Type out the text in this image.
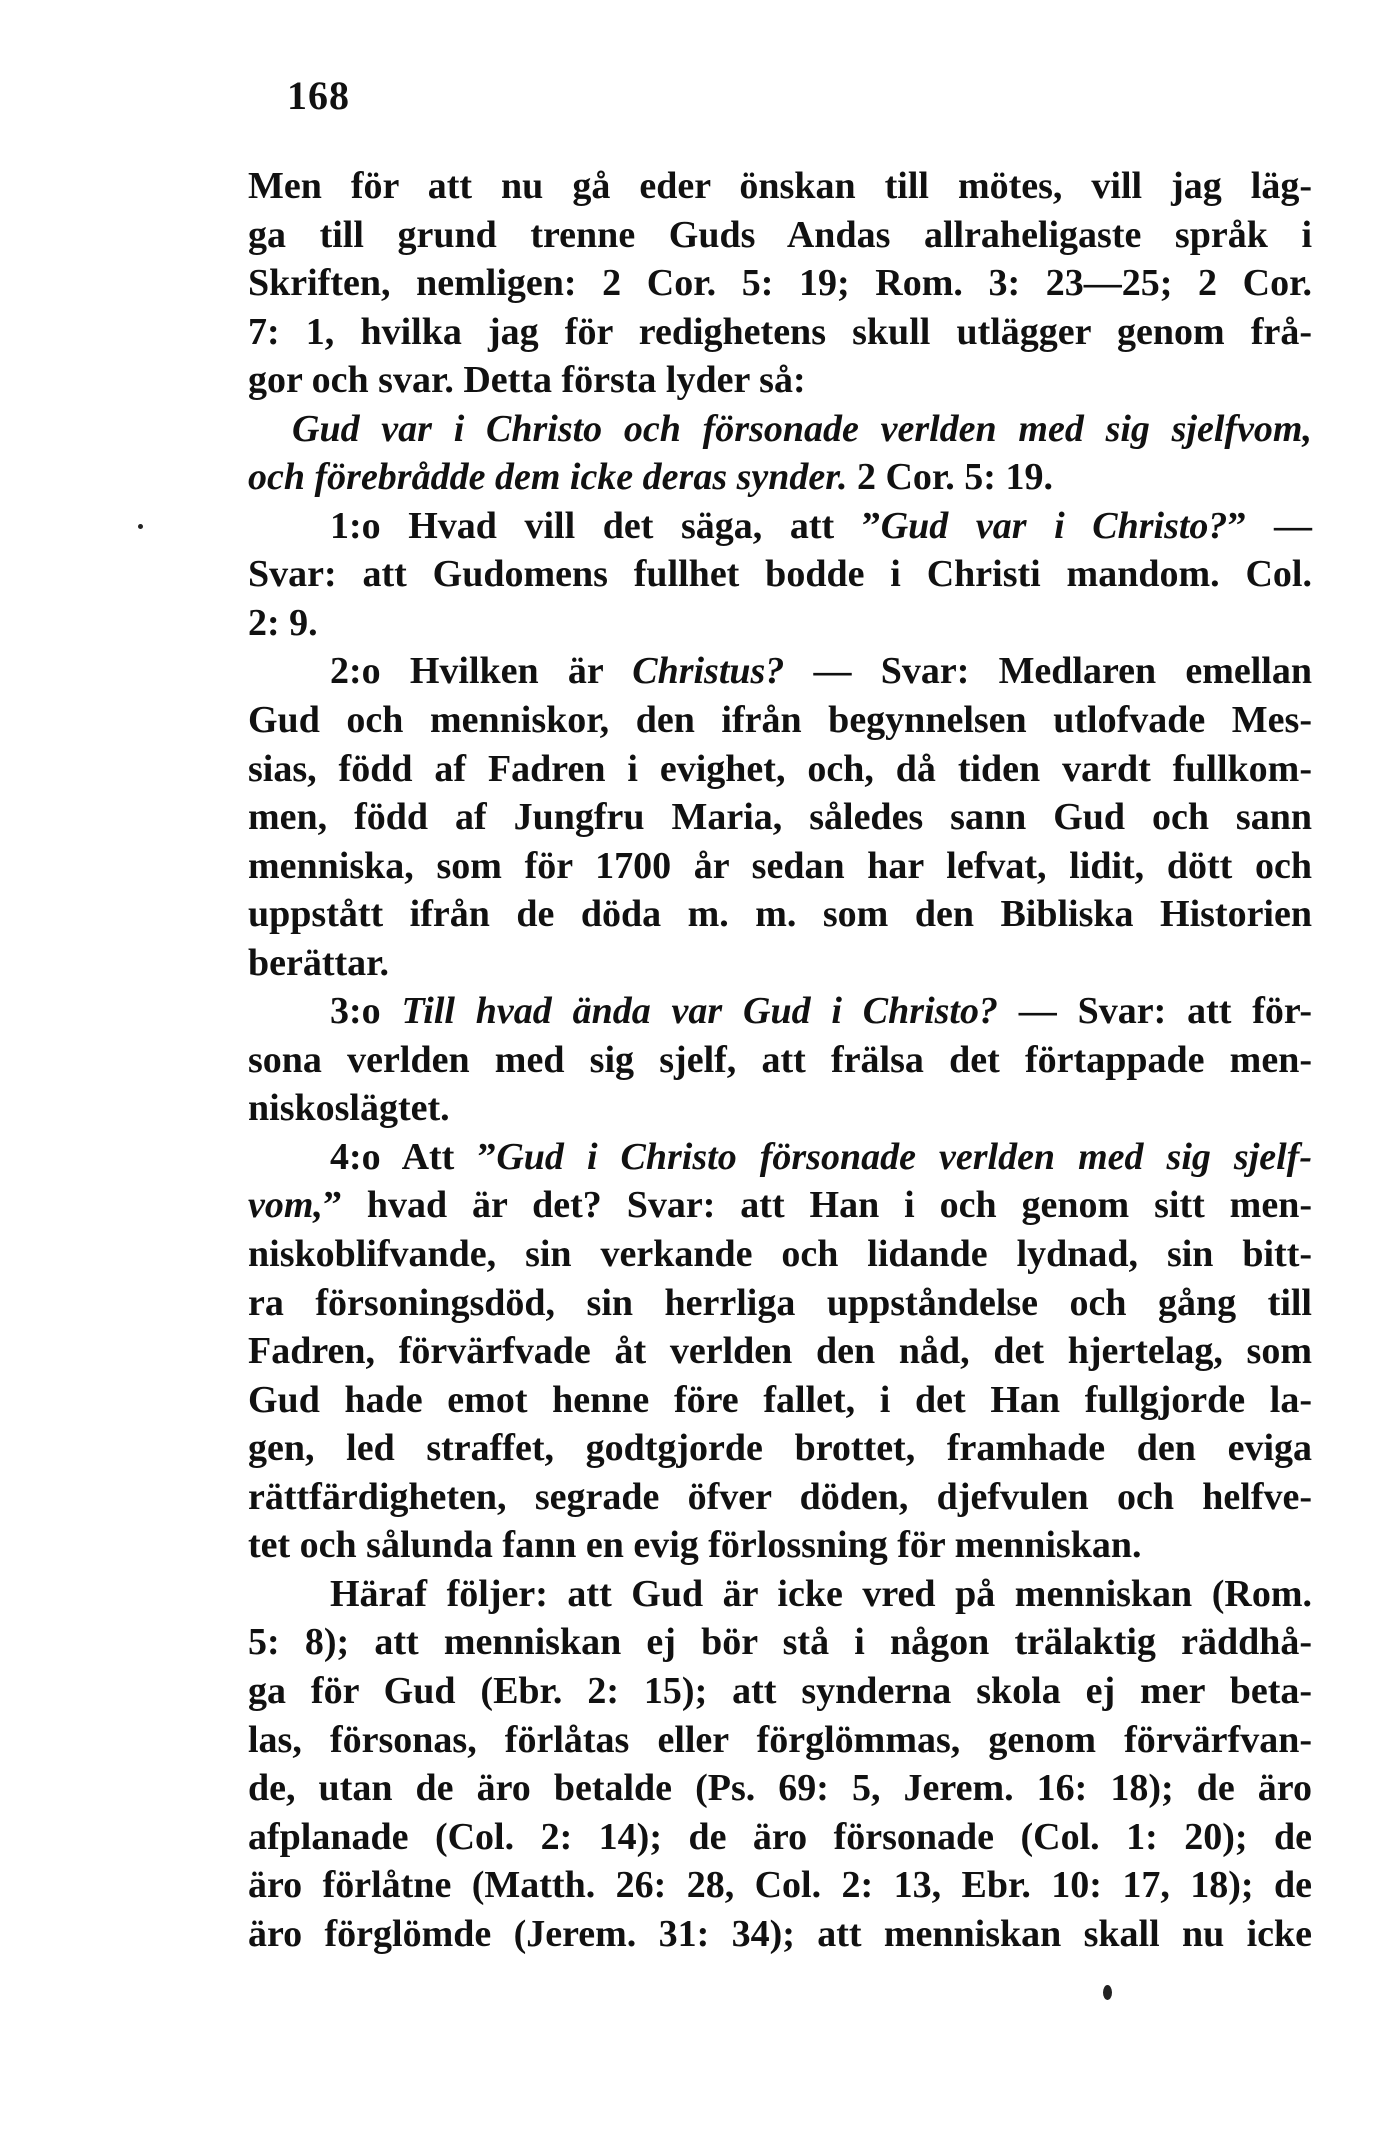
168
Men för att nu gå eder önskan till mötes, vill jag läg-
ga till grund trenne Guds Andas allraheligaste språk i
Skriften, nemligen: 2 Cor. 5: 19; Rom. 3: 23—25; 2 Cor.
7: 1, hvilka jag för redighetens skull utlägger genom frå-
gor och svar. Detta första lyder så:
Gud var i Christo och försonade verlden med sig sjelfvom,
och förebrådde dem icke deras synder. 2 Cor. 5: 19.
1:o Hvad vill det säga, att ”Gud var i Christo?” —
Svar: att Gudomens fullhet bodde i Christi mandom. Col.
2: 9.
2:o Hvilken är Christus? — Svar: Medlaren emellan
Gud och menniskor, den ifrån begynnelsen utlofvade Mes-
sias, född af Fadren i evighet, och, då tiden vardt fullkom-
men, född af Jungfru Maria, således sann Gud och sann
menniska, som för 1700 år sedan har lefvat, lidit, dött och
uppstått ifrån de döda m. m. som den Bibliska Historien
berättar.
3:o Till hvad ända var Gud i Christo? — Svar: att för-
sona verlden med sig sjelf, att frälsa det förtappade men-
niskoslägtet.
4:o Att ”Gud i Christo försonade verlden med sig sjelf-
vom,” hvad är det? Svar: att Han i och genom sitt men-
niskoblifvande, sin verkande och lidande lydnad, sin bitt-
ra försoningsdöd, sin herrliga uppståndelse och gång till
Fadren, förvärfvade åt verlden den nåd, det hjertelag, som
Gud hade emot henne före fallet, i det Han fullgjorde la-
gen, led straffet, godtgjorde brottet, framhade den eviga
rättfärdigheten, segrade öfver döden, djefvulen och helfve-
tet och sålunda fann en evig förlossning för menniskan.
Häraf följer: att Gud är icke vred på menniskan (Rom.
5: 8); att menniskan ej bör stå i någon trälaktig räddhå-
ga för Gud (Ebr. 2: 15); att synderna skola ej mer beta-
las, försonas, förlåtas eller förglömmas, genom förvärfvan-
de, utan de äro betalde (Ps. 69: 5, Jerem. 16: 18); de äro
afplanade (Col. 2: 14); de äro försonade (Col. 1: 20); de
äro förlåtne (Matth. 26: 28, Col. 2: 13, Ebr. 10: 17, 18); de
äro förglömde (Jerem. 31: 34); att menniskan skall nu icke
